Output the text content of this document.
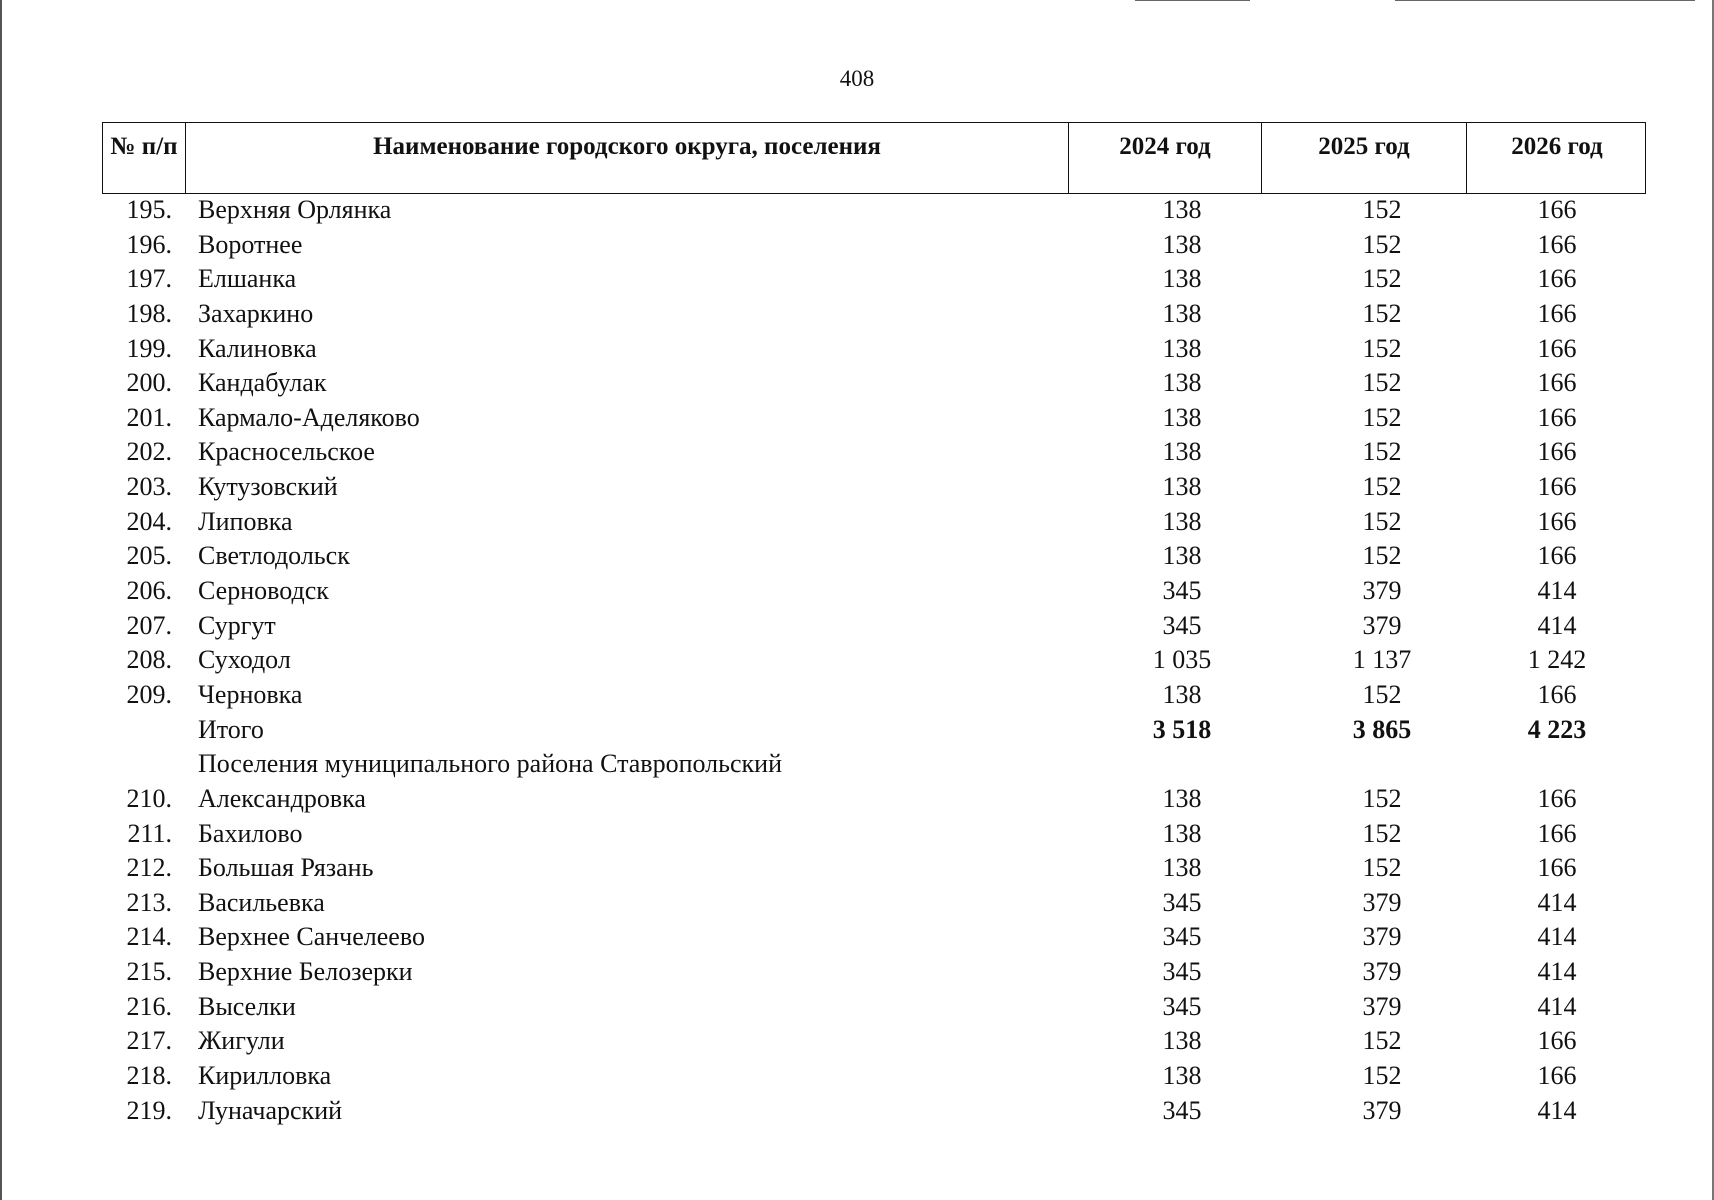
408
№ п/п	Наименование городского округа, поселения	2024 год	2025 год	2026 год
195. Верхняя Орлянка	138	152	166
196. Воротнее	138	152	166
197. Елшанка	138	152	166
198. Захаркино	138	152	166
199. Калиновка	138	152	166
200. Кандабулак	138	152	166
201. Кармало-Аделяково	138	152	166
202. Красносельское	138	152	166
203. Кутузовский	138	152	166
204. Липовка	138	152	166
205. Светлодольск	138	152	166
206. Серноводск	345	379	414
207. Сургут	345	379	414
208. Суходол	1 035	1 137	1 242
209. Черновка	138	152	166
Итого	3 518	3 865	4 223
Поселения муниципального района Ставропольский
210. Александровка	138	152	166
211. Бахилово	138	152	166
212. Большая Рязань	138	152	166
213. Васильевка	345	379	414
214. Верхнее Санчелеево	345	379	414
215. Верхние Белозерки	345	379	414
216. Выселки	345	379	414
217. Жигули	138	152	166
218. Кирилловка	138	152	166
219. Луначарский	345	379	414
